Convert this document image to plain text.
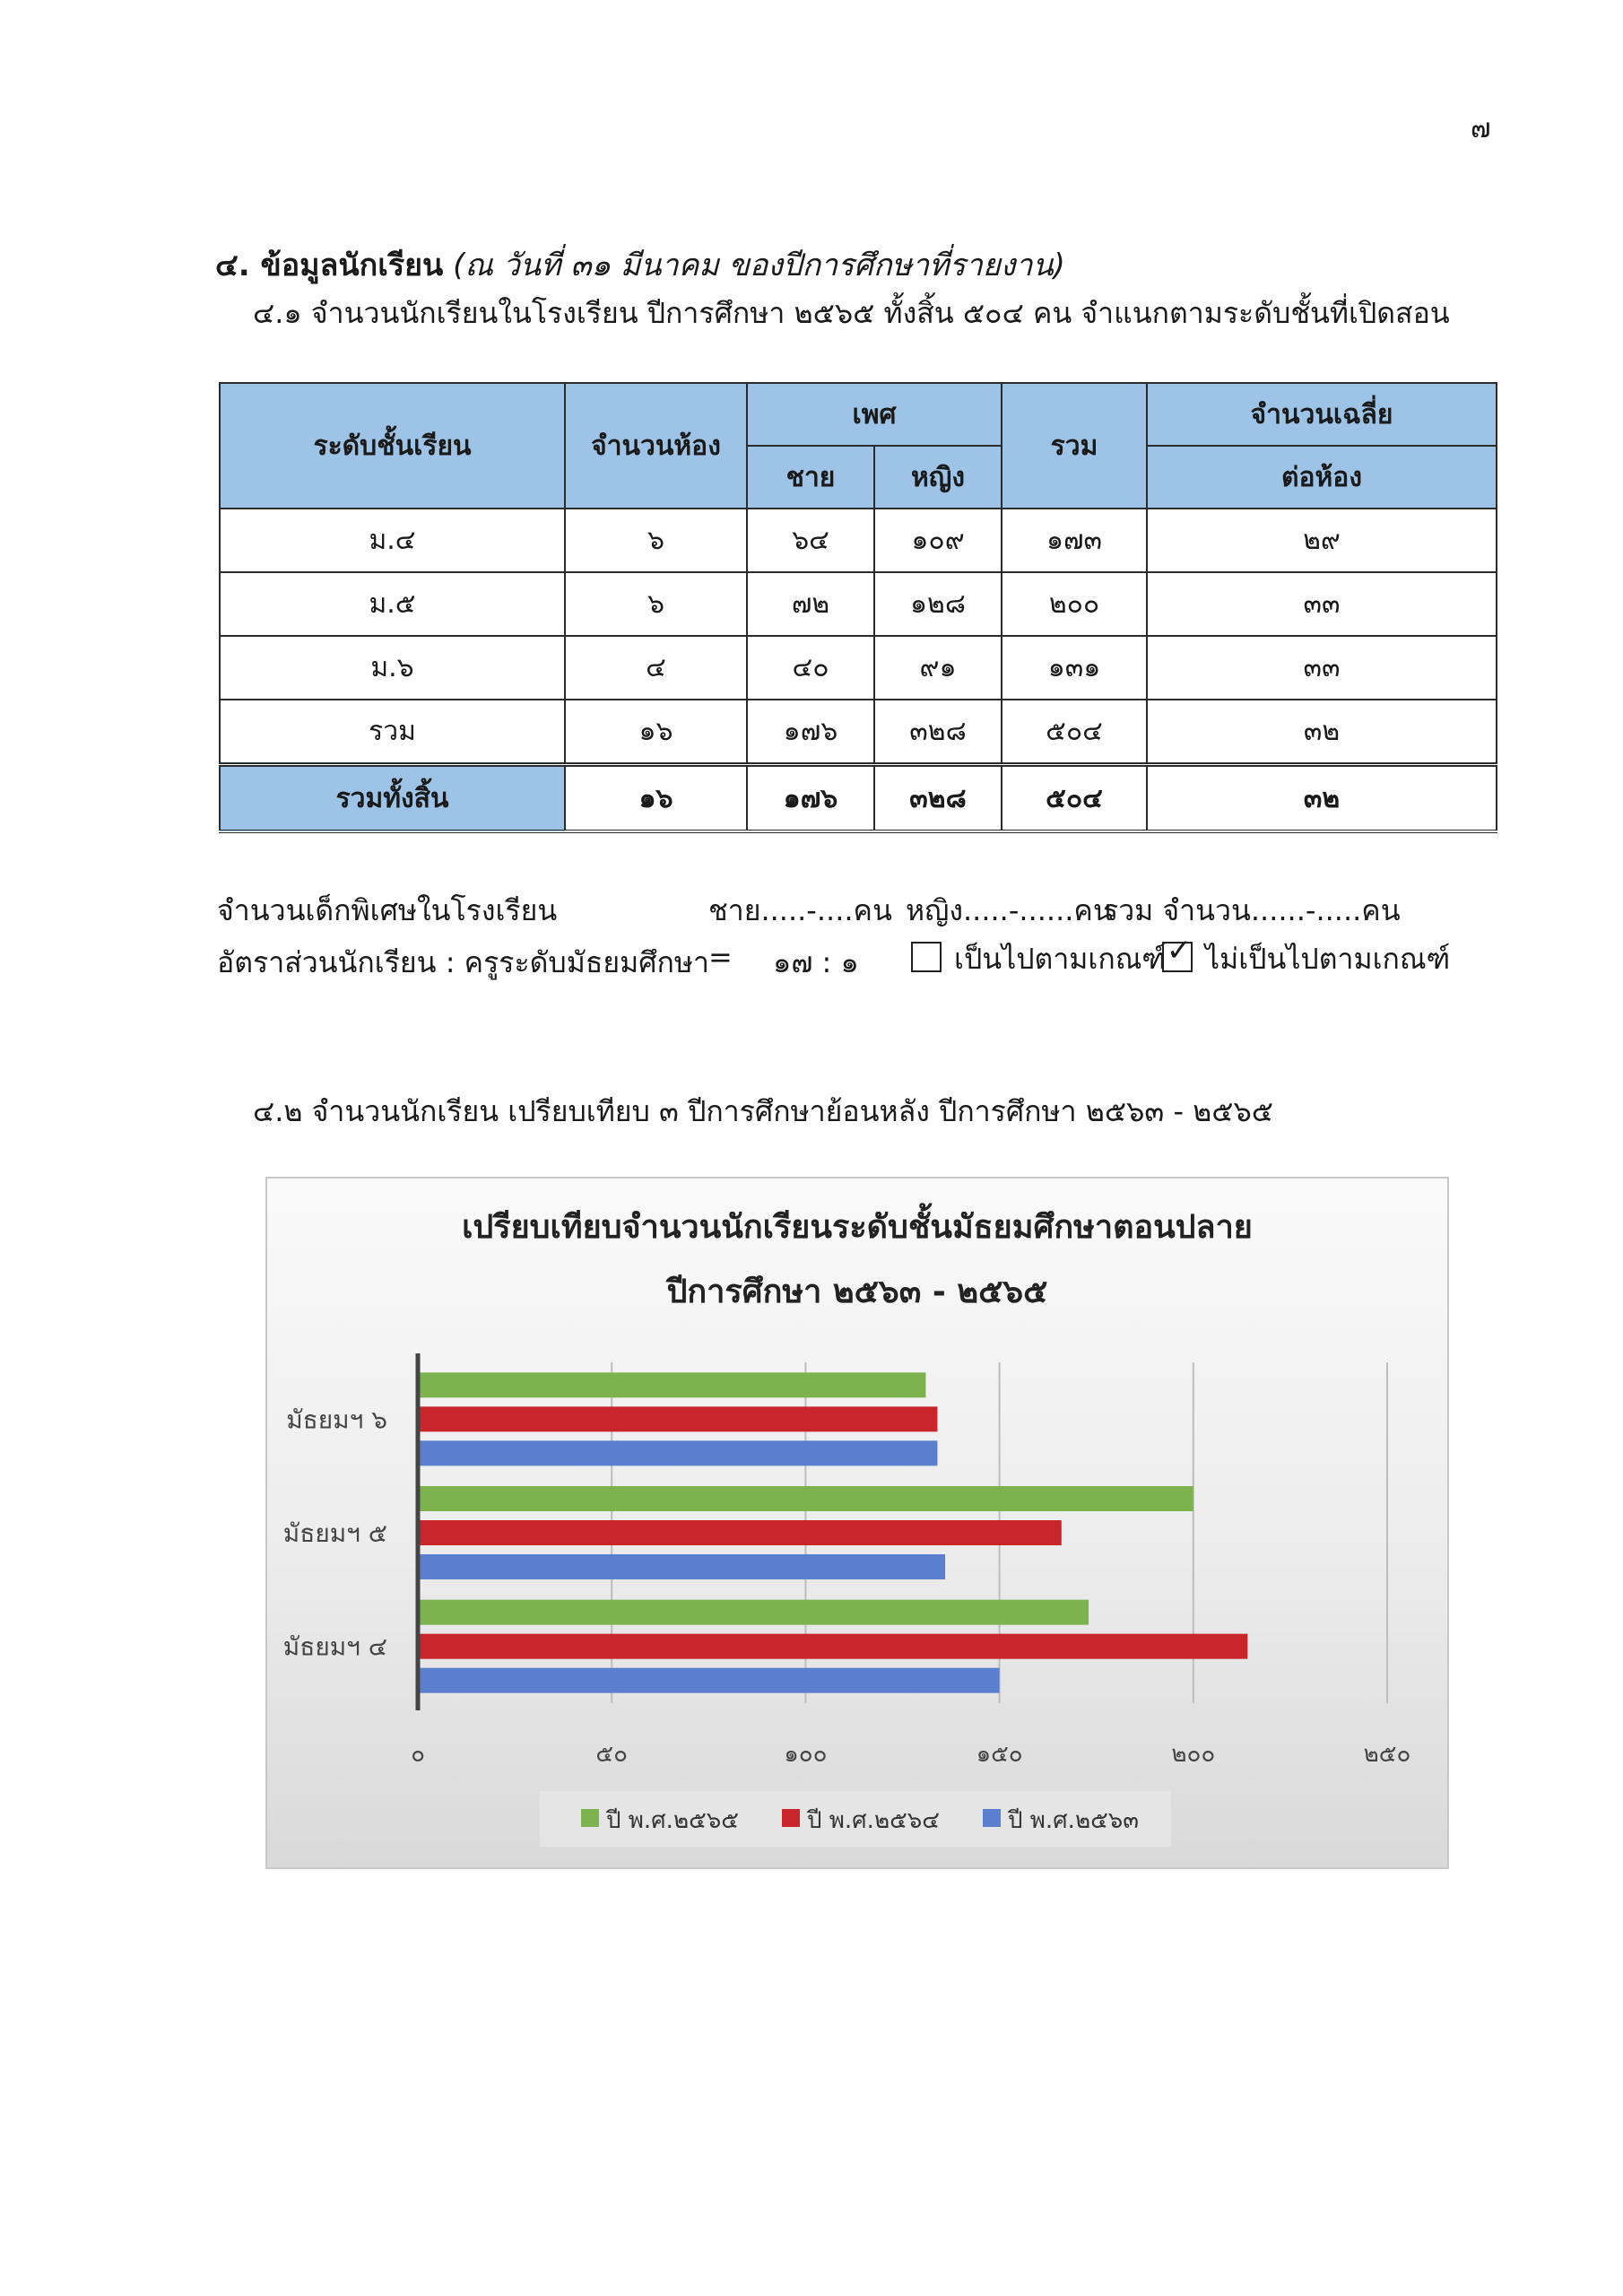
๗
๔. ข้อมูลนักเรียน (ณ วันที่ ๓๑ มีนาคม ของปีการศึกษาที่รายงาน)
๔.๑ จำนวนนักเรียนในโรงเรียน ปีการศึกษา ๒๕๖๕ ทั้งสิ้น ๕๐๔ คน จำแนกตามระดับชั้นที่เปิดสอน
ระดับชั้นเรียน	จำนวนห้อง	เพศ		รวม	จำนวนเฉลี่ย
		ชาย	หญิง		ต่อห้อง
ม.๔	๖	๖๔	๑๐๙	๑๗๓	๒๙
ม.๕	๖	๗๒	๑๒๘	๒๐๐	๓๓
ม.๖	๔	๔๐	๙๑	๑๓๑	๓๓
รวม	๑๖	๑๗๖	๓๒๘	๕๐๔	๓๒
รวมทั้งสิ้น	๑๖	๑๗๖	๓๒๘	๕๐๔	๓๒
จำนวนเด็กพิเศษในโรงเรียน	ชาย.....-....คน หญิง.....-......คน
รวม จำนวน......-.....คน
อัตราส่วนนักเรียน : ครูระดับมัธยมศึกษา = ๑๗ : ๑	เป็นไปตามเกณฑ์ ✓ ไม่เป็นไปตามเกณฑ์
๔.๒ จำนวนนักเรียน เปรียบเทียบ ๓ ปีการศึกษาย้อนหลัง ปีการศึกษา ๒๕๖๓ - ๒๕๖๕
เปรียบเทียบจำนวนนักเรียนระดับชั้นมัธยมศึกษาตอนปลาย
ปีการศึกษา ๒๕๖๓ - ๒๕๖๕
๐	๕๐	๑๐๐	๑๕๐	๒๐๐	๒๕๐
มัธยมฯ ๖
มัธยมฯ ๕
มัธยมฯ ๔
ปี พ.ศ.๒๕๖๕	ปี พ.ศ.๒๕๖๔	ปี พ.ศ.๒๕๖๓
